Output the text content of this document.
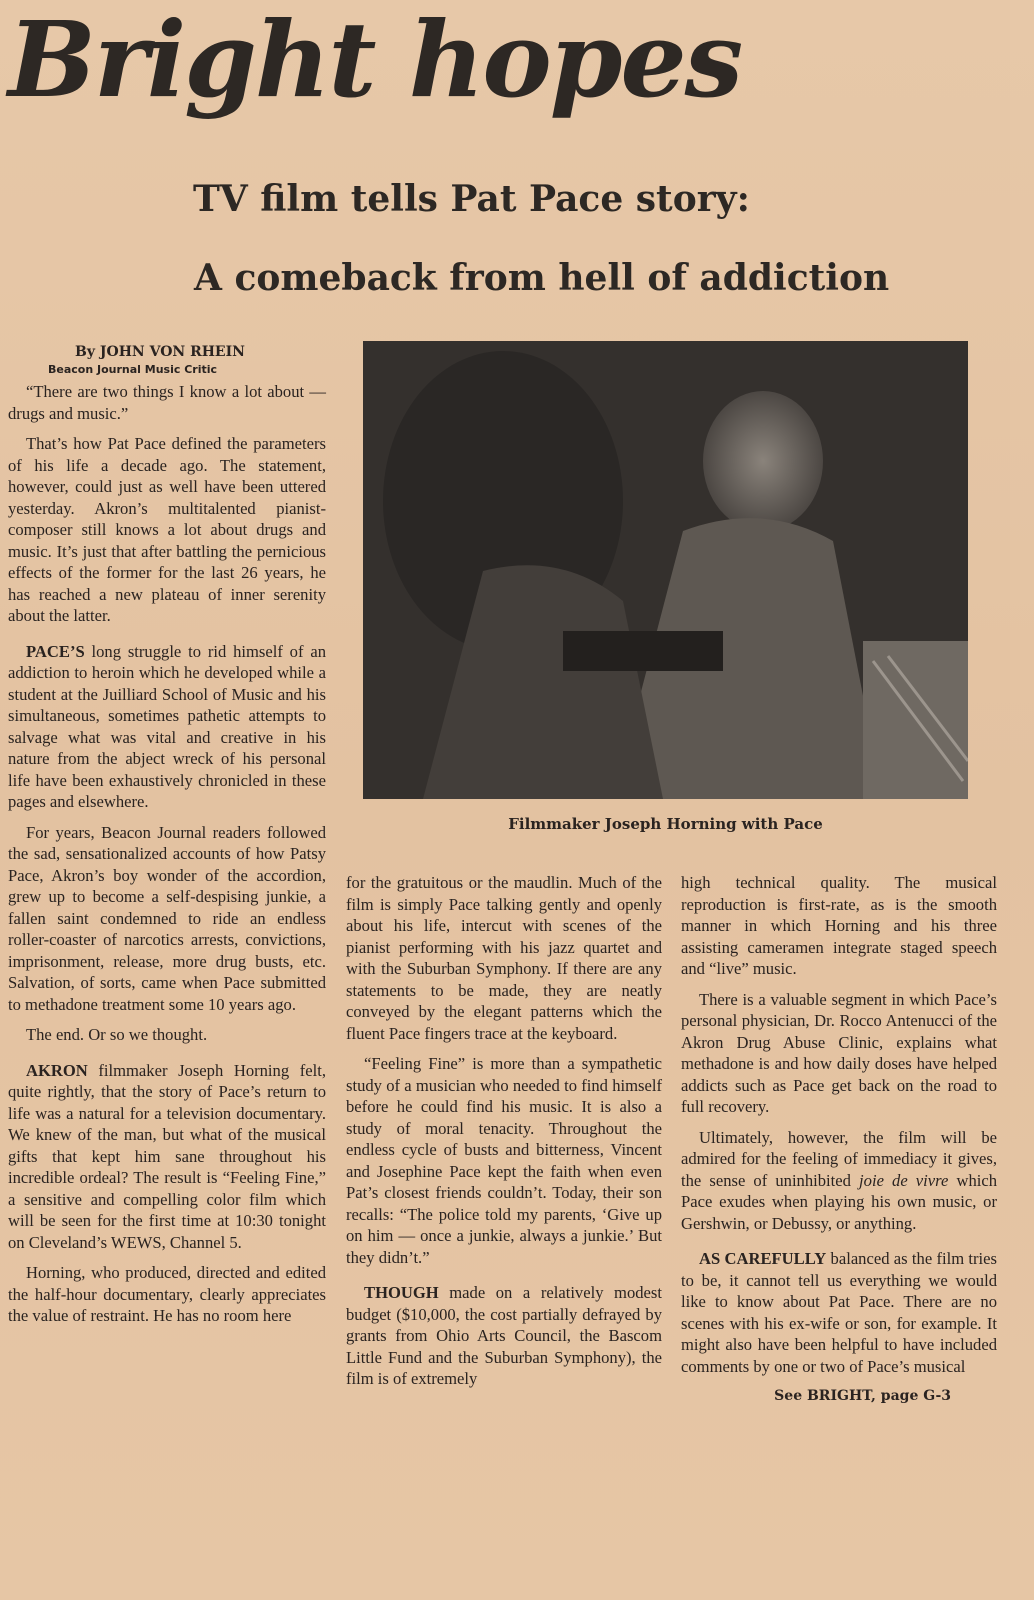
Bright hopes
TV film tells Pat Pace story:
A comeback from hell of addiction

By JOHN VON RHEIN

Beacon Journal Music Critic

“There are two things I know a lot about — drugs and music.”

That’s how Pat Pace defined the parameters of his life a decade ago. The statement, however, could just as well have been uttered yesterday. Akron’s multitalented pianist-composer still knows a lot about drugs and music. It’s just that after battling the pernicious effects of the former for the last 26 years, he has reached a new plateau of inner serenity about the latter.

PACE’S long struggle to rid himself of an addiction to heroin which he developed while a student at the Juilliard School of Music and his simultaneous, sometimes pathetic attempts to salvage what was vital and creative in his nature from the abject wreck of his personal life have been exhaustively chronicled in these pages and elsewhere.

For years, Beacon Journal readers followed the sad, sensationalized accounts of how Patsy Pace, Akron’s boy wonder of the accordion, grew up to become a self-despising junkie, a fallen saint condemned to ride an endless roller-coaster of narcotics arrests, convictions, imprisonment, release, more drug busts, etc. Salvation, of sorts, came when Pace submitted to methadone treatment some 10 years ago.

The end. Or so we thought.

AKRON filmmaker Joseph Horning felt, quite rightly, that the story of Pace’s return to life was a natural for a television documentary. We knew of the man, but what of the musical gifts that kept him sane throughout his incredible ordeal? The result is “Feeling Fine,” a sensitive and compelling color film which will be seen for the first time at 10:30 tonight on Cleveland’s WEWS, Channel 5.

Horning, who produced, directed and edited the half-hour documentary, clearly appreciates the value of restraint. He has no room here

Filmmaker Joseph Horning with Pace

for the gratuitous or the maudlin. Much of the film is simply Pace talking gently and openly about his life, intercut with scenes of the pianist performing with his jazz quartet and with the Suburban Symphony. If there are any statements to be made, they are neatly conveyed by the elegant patterns which the fluent Pace fingers trace at the keyboard.

“Feeling Fine” is more than a sympathetic study of a musician who needed to find himself before he could find his music. It is also a study of moral tenacity. Throughout the endless cycle of busts and bitterness, Vincent and Josephine Pace kept the faith when even Pat’s closest friends couldn’t. Today, their son recalls: “The police told my parents, ‘Give up on him — once a junkie, always a junkie.’ But they didn’t.”

THOUGH made on a relatively modest budget ($10,000, the cost partially defrayed by grants from Ohio Arts Council, the Bascom Little Fund and the Suburban Symphony), the film is of extremely

high technical quality. The musical reproduction is first-rate, as is the smooth manner in which Horning and his three assisting cameramen integrate staged speech and “live” music.

There is a valuable segment in which Pace’s personal physician, Dr. Rocco Antenucci of the Akron Drug Abuse Clinic, explains what methadone is and how daily doses have helped addicts such as Pace get back on the road to full recovery.

Ultimately, however, the film will be admired for the feeling of immediacy it gives, the sense of uninhibited joie de vivre which Pace exudes when playing his own music, or Gershwin, or Debussy, or anything.

AS CAREFULLY balanced as the film tries to be, it cannot tell us everything we would like to know about Pat Pace. There are no scenes with his ex-wife or son, for example. It might also have been helpful to have included comments by one or two of Pace’s musical

See BRIGHT, page G-3
